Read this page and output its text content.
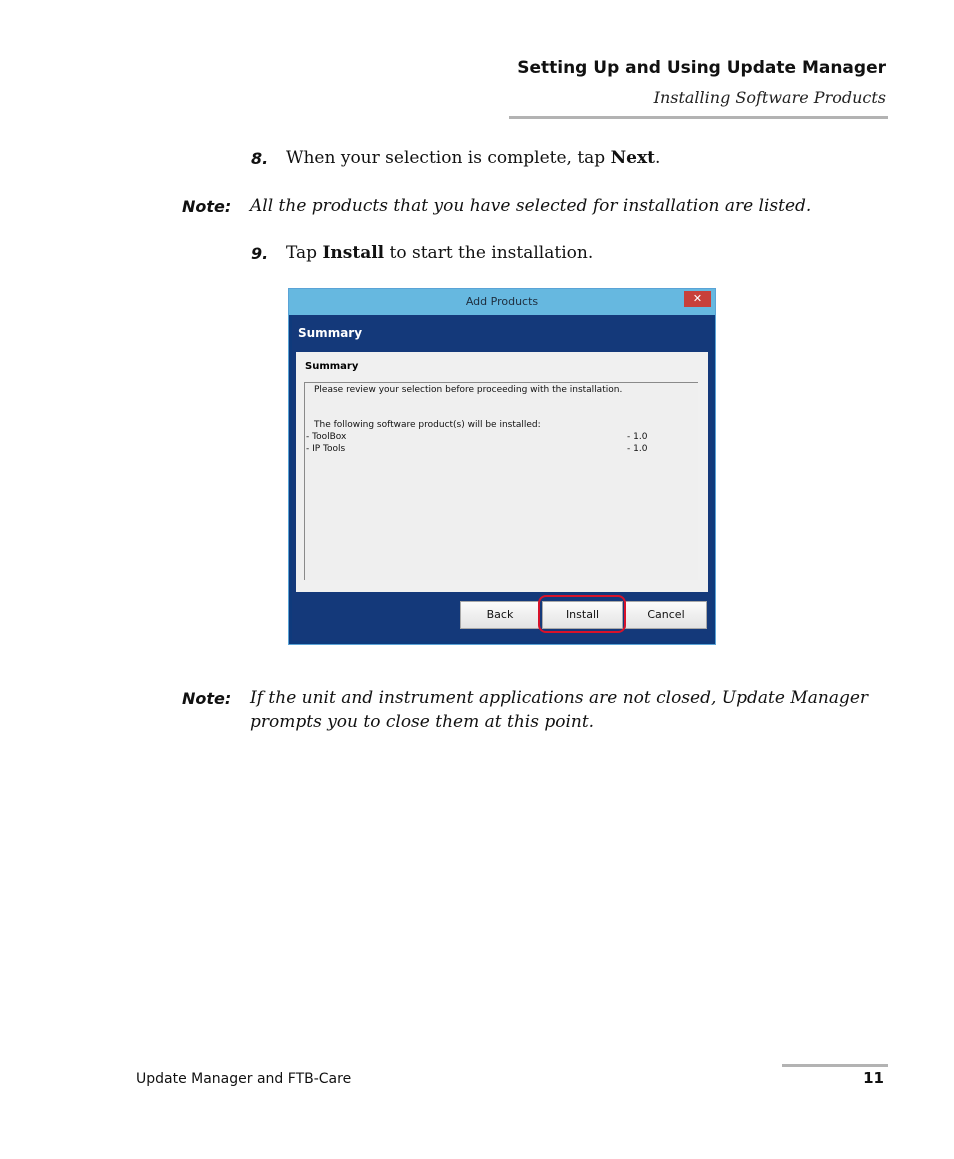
Setting Up and Using Update Manager
Installing Software Products
8. When your selection is complete, tap Next.
Note: All the products that you have selected for installation are listed.
9. Tap Install to start the installation.
Add Products	✕
Summary
Summary
Please review your selection before proceeding with the installation.
The following software product(s) will be installed:
- ToolBox	- 1.0
- IP Tools	- 1.0
Back	Install	Cancel
Note: If the unit and instrument applications are not closed, Update Manager
prompts you to close them at this point.
Update Manager and FTB-Care	11
